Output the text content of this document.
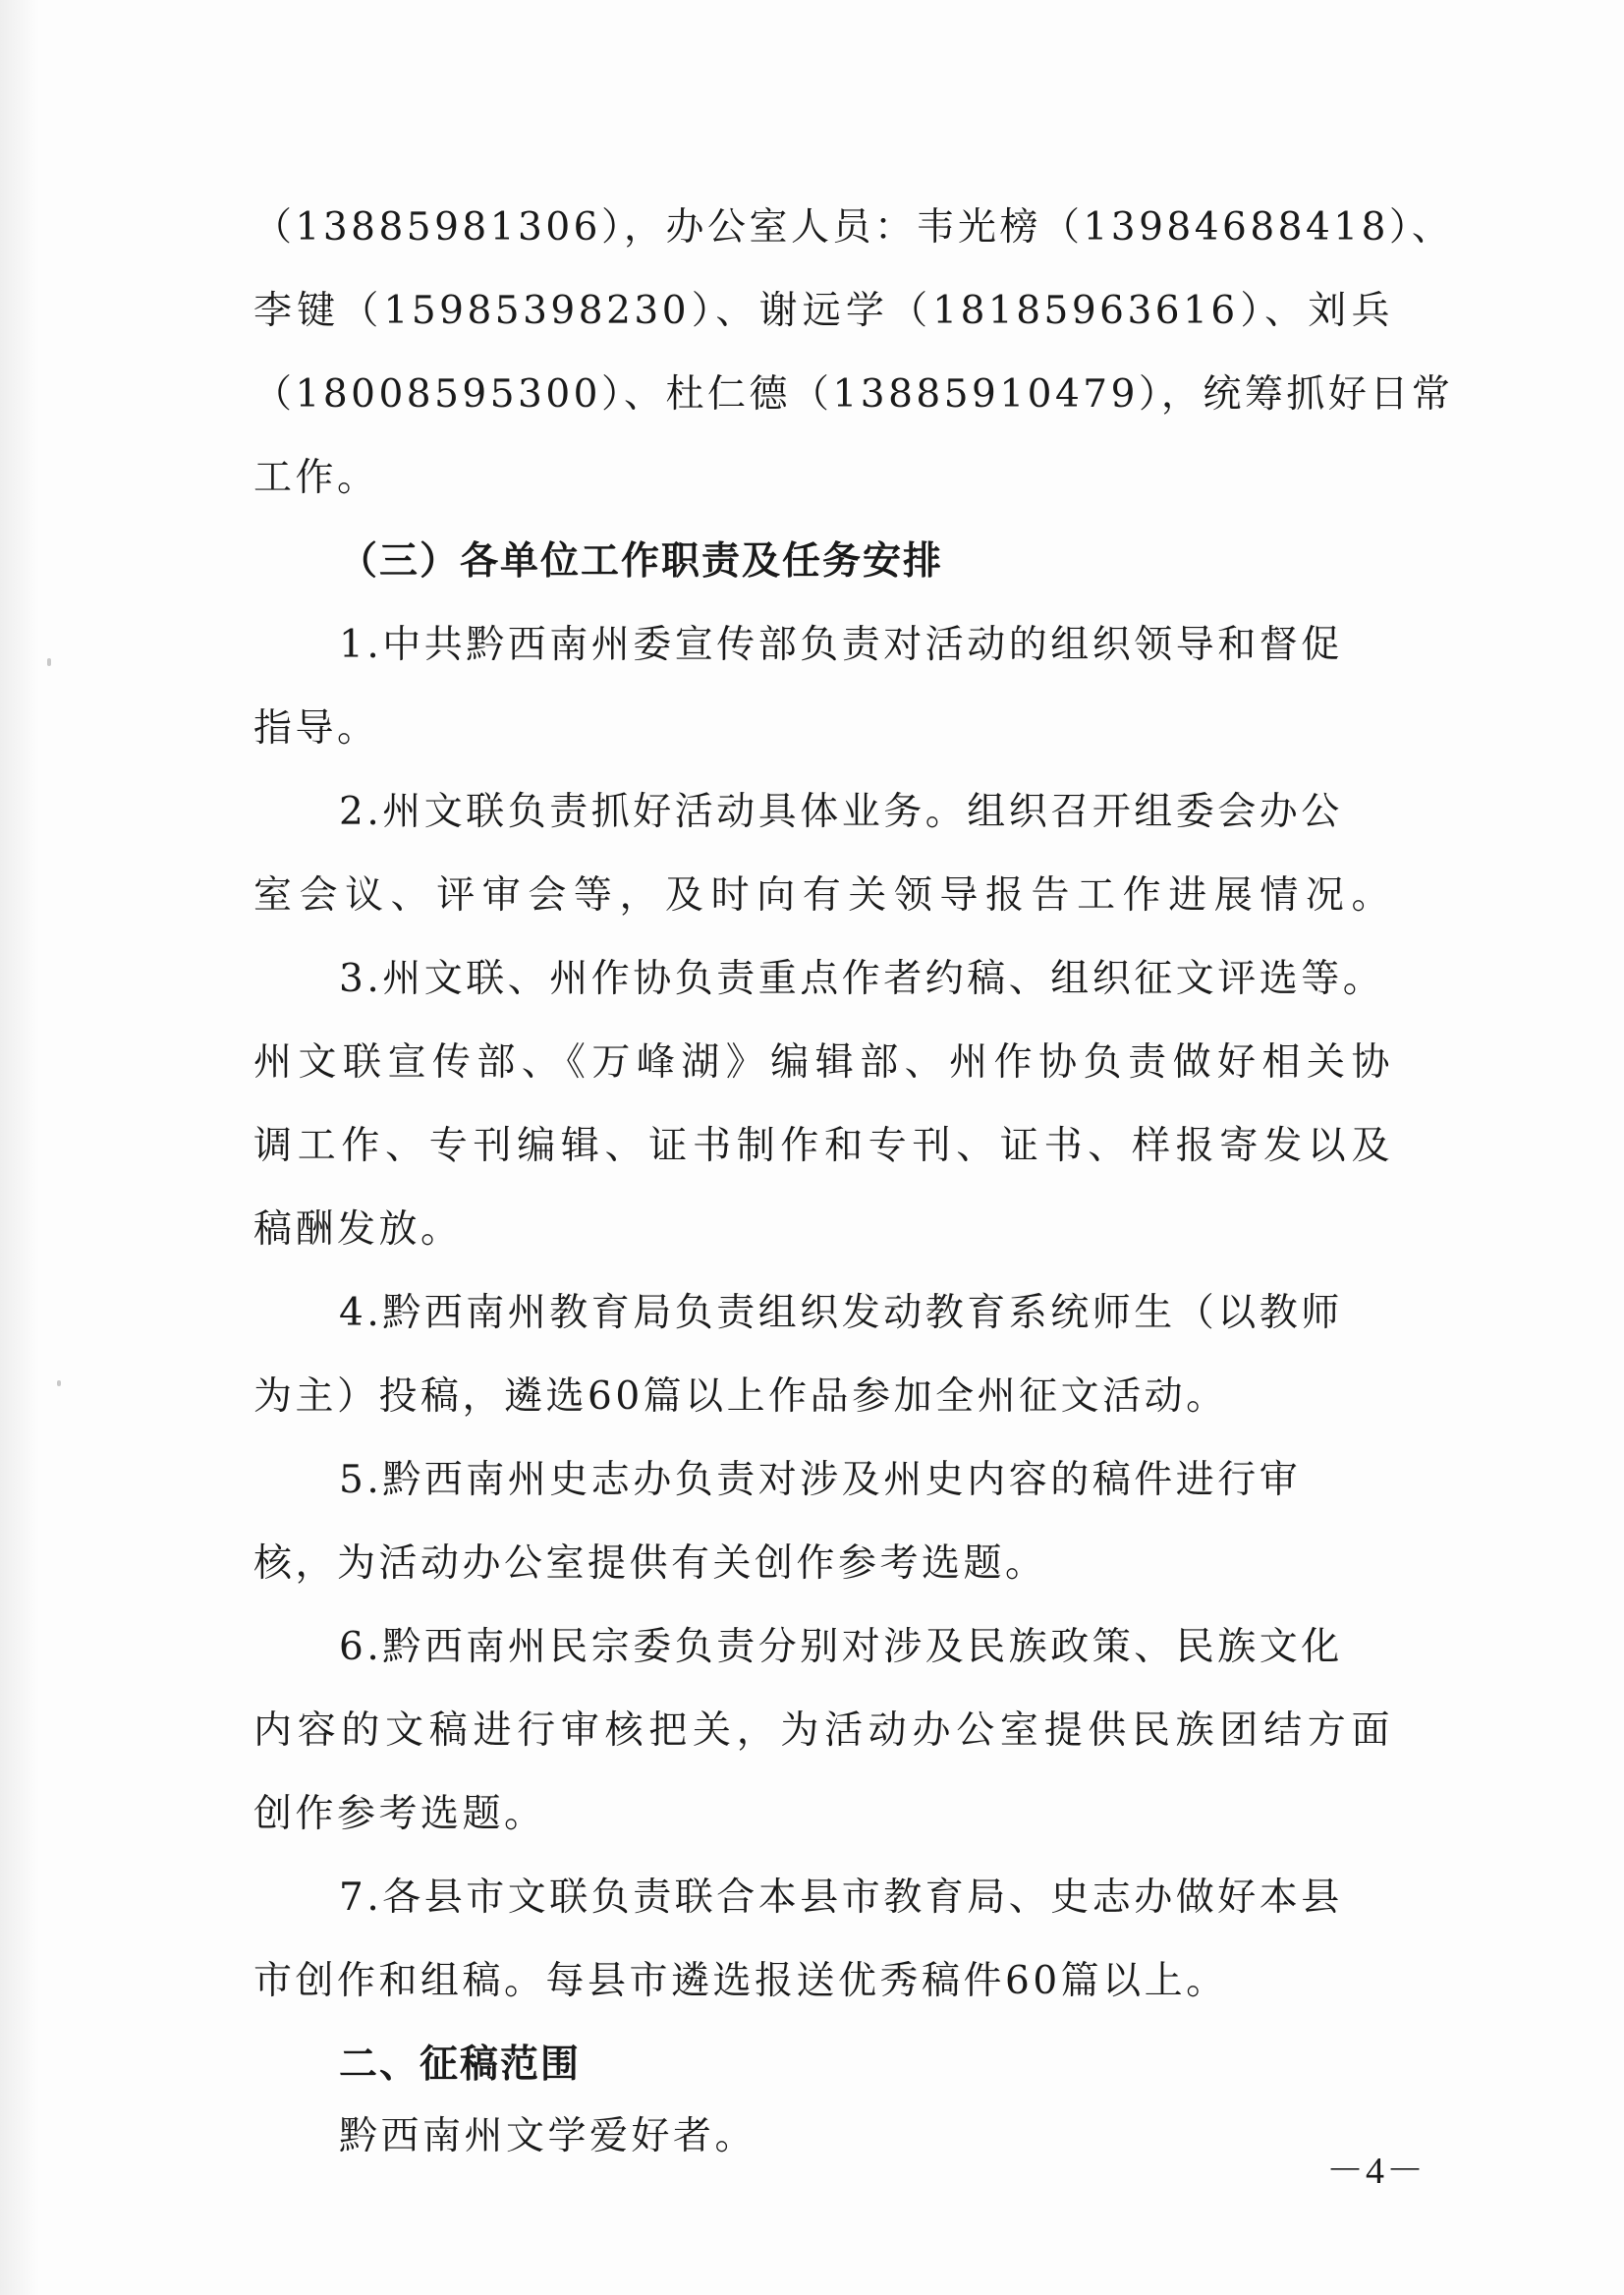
（13885981306），办公室人员：韦光榜（13984688418）、
李键（15985398230）、谢远学（18185963616）、刘兵
（18008595300）、杜仁德（13885910479），统筹抓好日常
工作。
（三）各单位工作职责及任务安排
1.中共黔西南州委宣传部负责对活动的组织领导和督促
指导。
2.州文联负责抓好活动具体业务。组织召开组委会办公
室会议、评审会等，及时向有关领导报告工作进展情况。
3.州文联、州作协负责重点作者约稿、组织征文评选等。
州文联宣传部、《万峰湖》编辑部、州作协负责做好相关协
调工作、专刊编辑、证书制作和专刊、证书、样报寄发以及
稿酬发放。
4.黔西南州教育局负责组织发动教育系统师生（以教师
为主）投稿，遴选60篇以上作品参加全州征文活动。
5.黔西南州史志办负责对涉及州史内容的稿件进行审
核，为活动办公室提供有关创作参考选题。
6.黔西南州民宗委负责分别对涉及民族政策、民族文化
内容的文稿进行审核把关，为活动办公室提供民族团结方面
创作参考选题。
7.各县市文联负责联合本县市教育局、史志办做好本县
市创作和组稿。每县市遴选报送优秀稿件60篇以上。
二、征稿范围
黔西南州文学爱好者。
－4－
